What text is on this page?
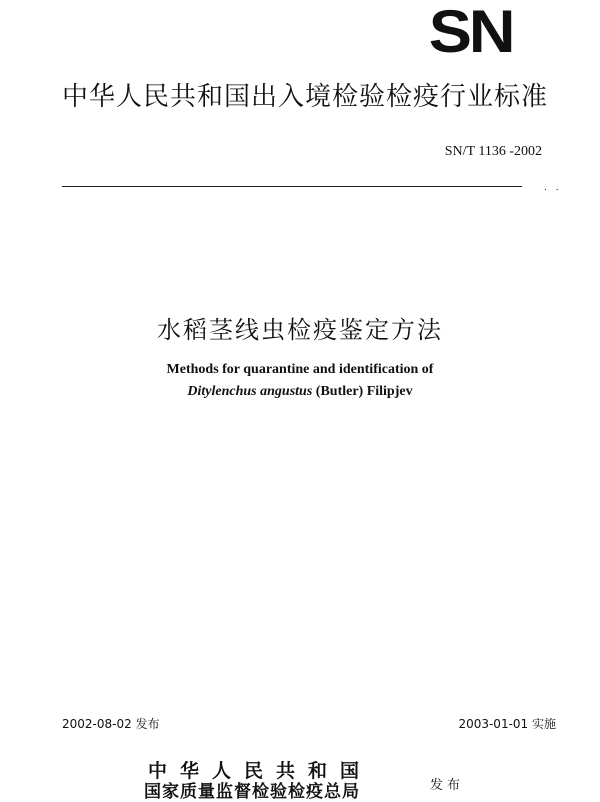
SN
中华人民共和国出入境检验检疫行业标准
SN/T 1136 -2002
. .
水稻茎线虫检疫鉴定方法
Methods for quarantine and identification of
Ditylenchus angustus (Butler) Filipjev
2002-08-02 发布	2003-01-01 实施
中华人民共和国
国家质量监督检验检疫总局	发布
